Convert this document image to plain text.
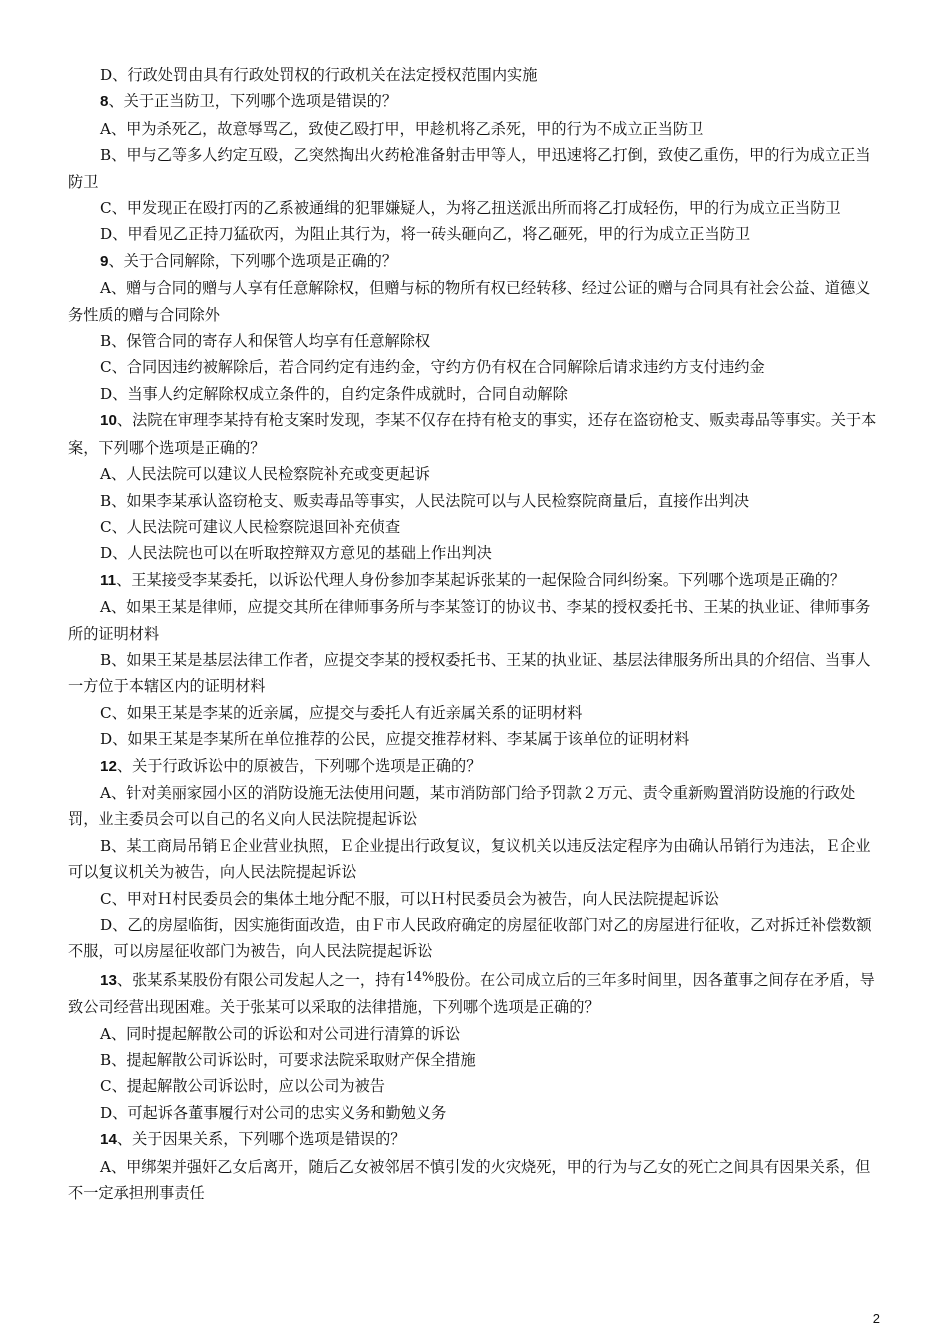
D、行政处罚由具有行政处罚权的行政机关在法定授权范围内实施

8、关于正当防卫，下列哪个选项是错误的？

A、甲为杀死乙，故意辱骂乙，致使乙殴打甲，甲趁机将乙杀死，甲的行为不成立正当防卫

B、甲与乙等多人约定互殴，乙突然掏出火药枪准备射击甲等人，甲迅速将乙打倒，致使乙重伤，甲的行为成立正当防卫

C、甲发现正在殴打丙的乙系被通缉的犯罪嫌疑人，为将乙扭送派出所而将乙打成轻伤，甲的行为成立正当防卫

D、甲看见乙正持刀猛砍丙，为阻止其行为，将一砖头砸向乙，将乙砸死，甲的行为成立正当防卫

9、关于合同解除，下列哪个选项是正确的？

A、赠与合同的赠与人享有任意解除权，但赠与标的物所有权已经转移、经过公证的赠与合同具有社会公益、道德义务性质的赠与合同除外

B、保管合同的寄存人和保管人均享有任意解除权

C、合同因违约被解除后，若合同约定有违约金，守约方仍有权在合同解除后请求违约方支付违约金

D、当事人约定解除权成立条件的，自约定条件成就时，合同自动解除

10、法院在审理李某持有枪支案时发现，李某不仅存在持有枪支的事实，还存在盗窃枪支、贩卖毒品等事实。关于本案，下列哪个选项是正确的？

A、人民法院可以建议人民检察院补充或变更起诉

B、如果李某承认盗窃枪支、贩卖毒品等事实，人民法院可以与人民检察院商量后，直接作出判决

C、人民法院可建议人民检察院退回补充侦查

D、人民法院也可以在听取控辩双方意见的基础上作出判决

11、王某接受李某委托，以诉讼代理人身份参加李某起诉张某的一起保险合同纠纷案。下列哪个选项是正确的？

A、如果王某是律师，应提交其所在律师事务所与李某签订的协议书、李某的授权委托书、王某的执业证、律师事务所的证明材料

B、如果王某是基层法律工作者，应提交李某的授权委托书、王某的执业证、基层法律服务所出具的介绍信、当事人一方位于本辖区内的证明材料

C、如果王某是李某的近亲属，应提交与委托人有近亲属关系的证明材料

D、如果王某是李某所在单位推荐的公民，应提交推荐材料、李某属于该单位的证明材料

12、关于行政诉讼中的原被告，下列哪个选项是正确的？

A、针对美丽家园小区的消防设施无法使用问题，某市消防部门给予罚款２万元、责令重新购置消防设施的行政处罚，业主委员会可以自己的名义向人民法院提起诉讼

B、某工商局吊销Ｅ企业营业执照，Ｅ企业提出行政复议，复议机关以违反法定程序为由确认吊销行为违法，Ｅ企业可以复议机关为被告，向人民法院提起诉讼

C、甲对Ｈ村民委员会的集体土地分配不服，可以Ｈ村民委员会为被告，向人民法院提起诉讼

D、乙的房屋临街，因实施街面改造，由Ｆ市人民政府确定的房屋征收部门对乙的房屋进行征收，乙对拆迁补偿数额不服，可以房屋征收部门为被告，向人民法院提起诉讼

13、张某系某股份有限公司发起人之一，持有14%股份。在公司成立后的三年多时间里，因各董事之间存在矛盾，导致公司经营出现困难。关于张某可以采取的法律措施，下列哪个选项是正确的？

A、同时提起解散公司的诉讼和对公司进行清算的诉讼

B、提起解散公司诉讼时，可要求法院采取财产保全措施

C、提起解散公司诉讼时，应以公司为被告

D、可起诉各董事履行对公司的忠实义务和勤勉义务

14、关于因果关系，下列哪个选项是错误的？

A、甲绑架并强奸乙女后离开，随后乙女被邻居不慎引发的火灾烧死，甲的行为与乙女的死亡之间具有因果关系，但不一定承担刑事责任

2
